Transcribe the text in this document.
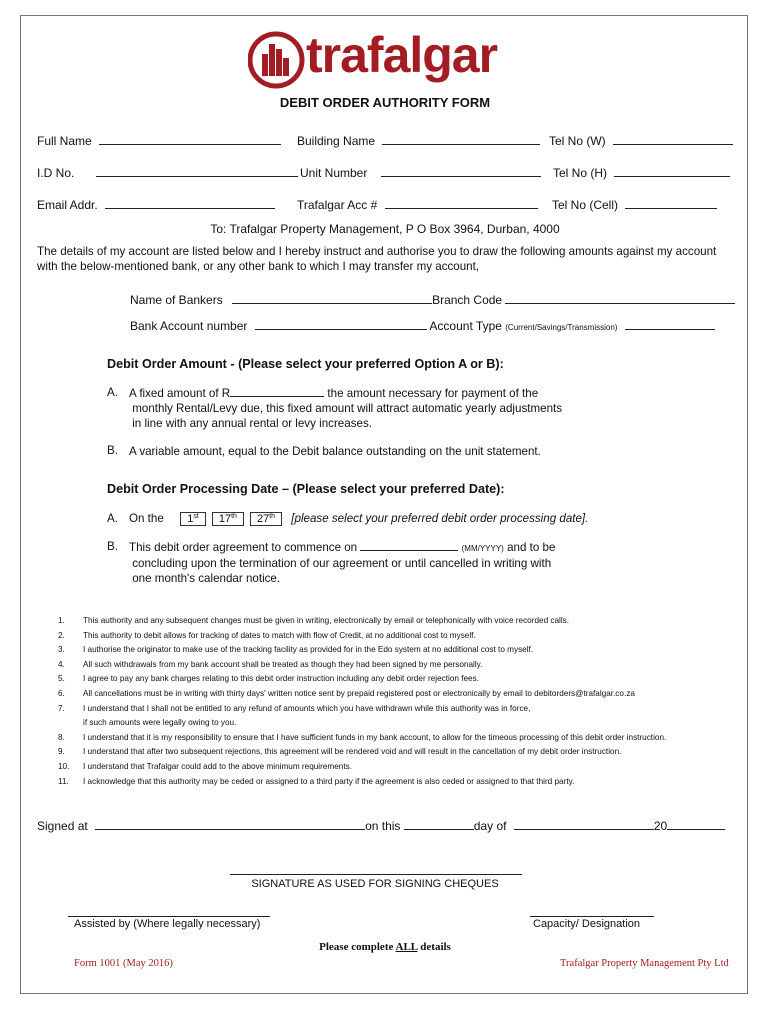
trafalgar
DEBIT ORDER AUTHORITY FORM
Full Name	Building Name	Tel No (W)
I.D No.	Unit Number	Tel No (H)
Email Addr.	Trafalgar Acc #	Tel No (Cell)
To: Trafalgar Property Management, P O Box 3964, Durban, 4000
The details of my account are listed below and I hereby instruct and authorise you to draw the following amounts against my account with the below-mentioned bank, or any other bank to which I may transfer my account,
Name of Bankers	Branch Code
Bank Account number	Account Type (Current/Savings/Transmission)
Debit Order Amount - (Please select your preferred Option A or B):
A. A fixed amount of R	the amount necessary for payment of the
monthly Rental/Levy due, this fixed amount will attract automatic yearly adjustments
in line with any annual rental or levy increases.
B. A variable amount, equal to the Debit balance outstanding on the unit statement.
Debit Order Processing Date – (Please select your preferred Date):
A. On the 1st 17th 27th [please select your preferred debit order processing date].
B. This debit order agreement to commence on	(MM/YYYY) and to be
concluding upon the termination of our agreement or until cancelled in writing with
one month's calendar notice.
1.	This authority and any subsequent changes must be given in writing, electronically by email or telephonically with voice recorded calls.
2.	This authority to debit allows for tracking of dates to match with flow of Credit, at no additional cost to myself.
3.	I authorise the originator to make use of the tracking facility as provided for in the Edo system at no additional cost to myself.
4.	All such withdrawals from my bank account shall be treated as though they had been signed by me personally.
5.	I agree to pay any bank charges relating to this debit order instruction including any debit order rejection fees.
6.	All cancellations must be in writing with thirty days' written notice sent by prepaid registered post or electronically by email to debitorders@trafalgar.co.za
7.	I understand that I shall not be entitled to any refund of amounts which you have withdrawn while this authority was in force,
if such amounts were legally owing to you.
8.	I understand that it is my responsibility to ensure that I have sufficient funds in my bank account, to allow for the timeous processing of this debit order instruction.
9.	I understand that after two subsequent rejections, this agreement will be rendered void and will result in the cancellation of my debit order instruction.
10.	I understand that Trafalgar could add to the above minimum requirements.
11.	I acknowledge that this authority may be ceded or assigned to a third party if the agreement is also ceded or assigned to that third party.
Signed at	on this	day of	20
SIGNATURE AS USED FOR SIGNING CHEQUES
Assisted by (Where legally necessary)	Capacity/ Designation
Please complete ALL details
Form 1001 (May 2016)	Trafalgar Property Management Pty Ltd
